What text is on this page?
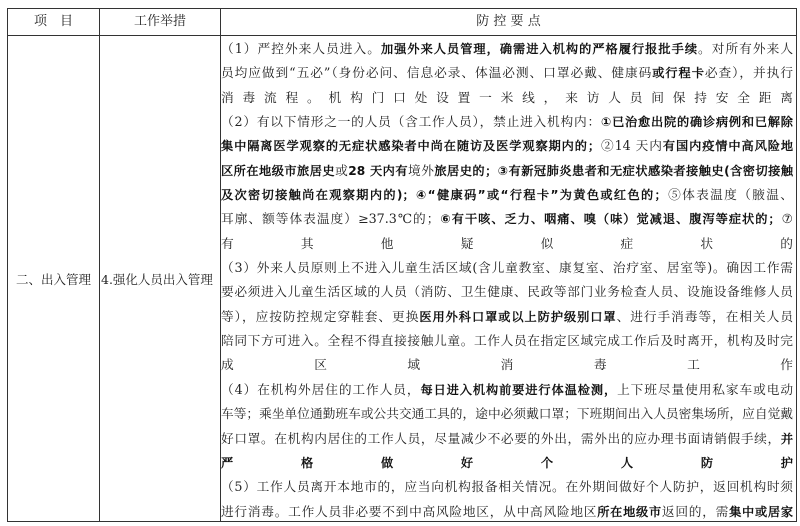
项　目	工作举措	防 控 要 点
二、出入管理 4.强化人员出入管理
（1）严控外来人员进入。加强外来人员管理，确需进入机构的严格履行报批手续。对所有外来人
员均应做到“五必”（身份必问、信息必录、体温必测、口罩必戴、健康码或行程卡必查），并执行
消毒流程。机构门口处设置一米线，来访人员间保持安全距离
（2）有以下情形之一的人员（含工作人员），禁止进入机构内：①已治愈出院的确诊病例和已解除
集中隔离医学观察的无症状感染者中尚在随访及医学观察期内的；②14 天内有国内疫情中高风险地
区所在地级市旅居史或28 天内有境外旅居史的；③有新冠肺炎患者和无症状感染者接触史(含密切接触
及次密切接触尚在观察期内的)；④“健康码”或“行程卡”为黄色或红色的；⑤体表温度（腋温、
耳廓、额等体表温度）≥37.3℃的；⑥有干咳、乏力、咽痛、嗅（味）觉减退、腹泻等症状的；⑦
有其他疑似症状的
（3）外来人员原则上不进入儿童生活区域(含儿童教室、康复室、治疗室、居室等)。确因工作需
要必须进入儿童生活区域的人员（消防、卫生健康、民政等部门业务检查人员、设施设备维修人员
等），应按防控规定穿鞋套、更换医用外科口罩或以上防护级别口罩、进行手消毒等，在相关人员
陪同下方可进入。全程不得直接接触儿童。工作人员在指定区域完成工作后及时离开，机构及时完
成区域消毒工作
（4）在机构外居住的工作人员，每日进入机构前要进行体温检测，上下班尽量使用私家车或电动
车等；乘坐单位通勤班车或公共交通工具的，途中必须戴口罩；下班期间出入人员密集场所，应自觉戴
好口罩。在机构内居住的工作人员，尽量减少不必要的外出，需外出的应办理书面请销假手续，并
严格做好个人防护
（5）工作人员离开本地市的，应当向机构报备相关情况。在外期间做好个人防护，返回机构时须
进行消毒。工作人员非必要不到中高风险地区，从中高风险地区所在地级市返回的，需集中或居家
